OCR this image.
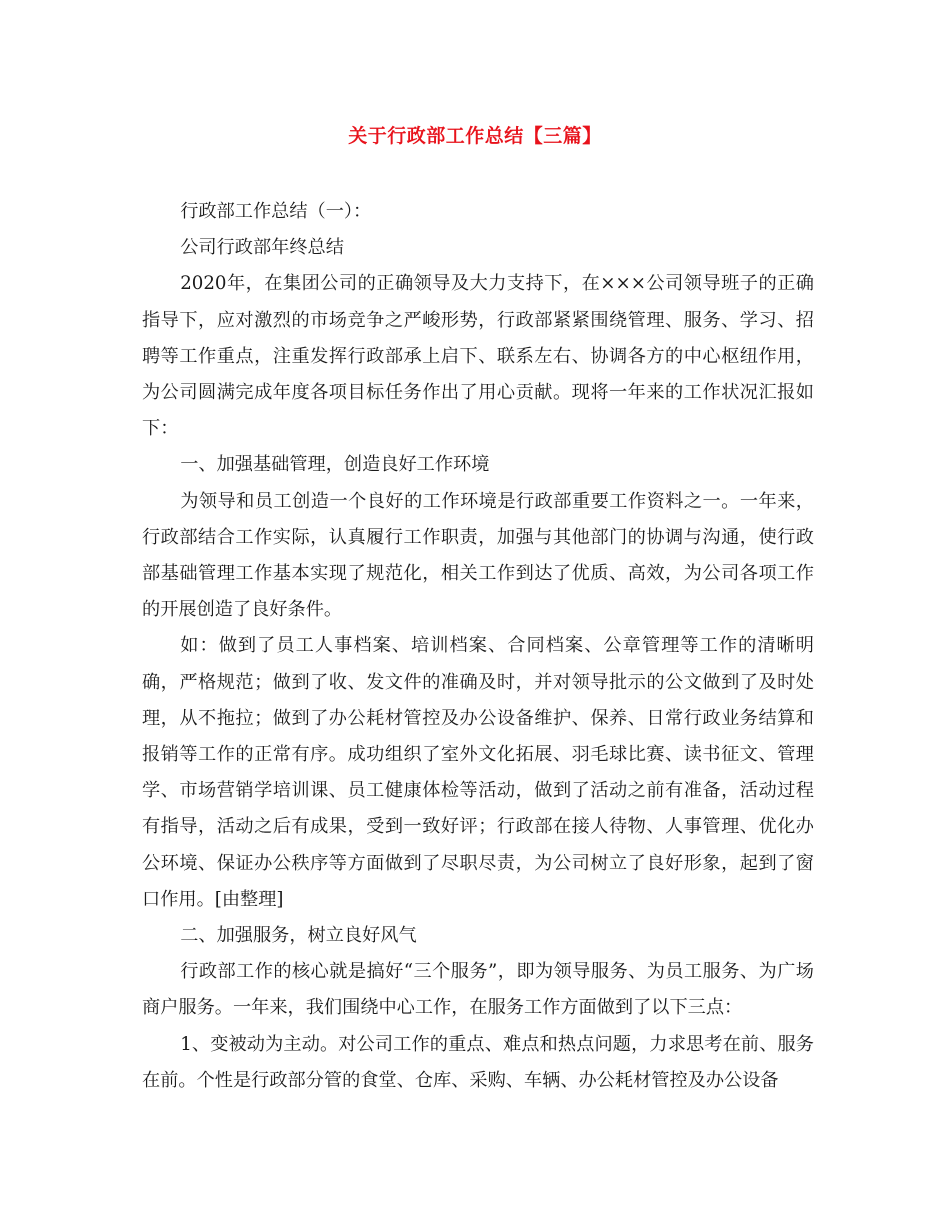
关于行政部工作总结【三篇】

行政部工作总结（一）：

公司行政部年终总结

2020年，在集团公司的正确领导及大力支持下，在×××公司领导班子的正确指导下，应对激烈的市场竞争之严峻形势，行政部紧紧围绕管理、服务、学习、招聘等工作重点，注重发挥行政部承上启下、联系左右、协调各方的中心枢纽作用，为公司圆满完成年度各项目标任务作出了用心贡献。现将一年来的工作状况汇报如下：

一、加强基础管理，创造良好工作环境

为领导和员工创造一个良好的工作环境是行政部重要工作资料之一。一年来，行政部结合工作实际，认真履行工作职责，加强与其他部门的协调与沟通，使行政部基础管理工作基本实现了规范化，相关工作到达了优质、高效，为公司各项工作的开展创造了良好条件。

如：做到了员工人事档案、培训档案、合同档案、公章管理等工作的清晰明确，严格规范；做到了收、发文件的准确及时，并对领导批示的公文做到了及时处理，从不拖拉；做到了办公耗材管控及办公设备维护、保养、日常行政业务结算和报销等工作的正常有序。成功组织了室外文化拓展、羽毛球比赛、读书征文、管理学、市场营销学培训课、员工健康体检等活动，做到了活动之前有准备，活动过程有指导，活动之后有成果，受到一致好评；行政部在接人待物、人事管理、优化办公环境、保证办公秩序等方面做到了尽职尽责，为公司树立了良好形象，起到了窗口作用。[由整理]

二、加强服务，树立良好风气

行政部工作的核心就是搞好“三个服务”，即为领导服务、为员工服务、为广场商户服务。一年来，我们围绕中心工作，在服务工作方面做到了以下三点：

1、变被动为主动。对公司工作的重点、难点和热点问题，力求思考在前、服务在前。个性是行政部分管的食堂、仓库、采购、车辆、办公耗材管控及办公设备
